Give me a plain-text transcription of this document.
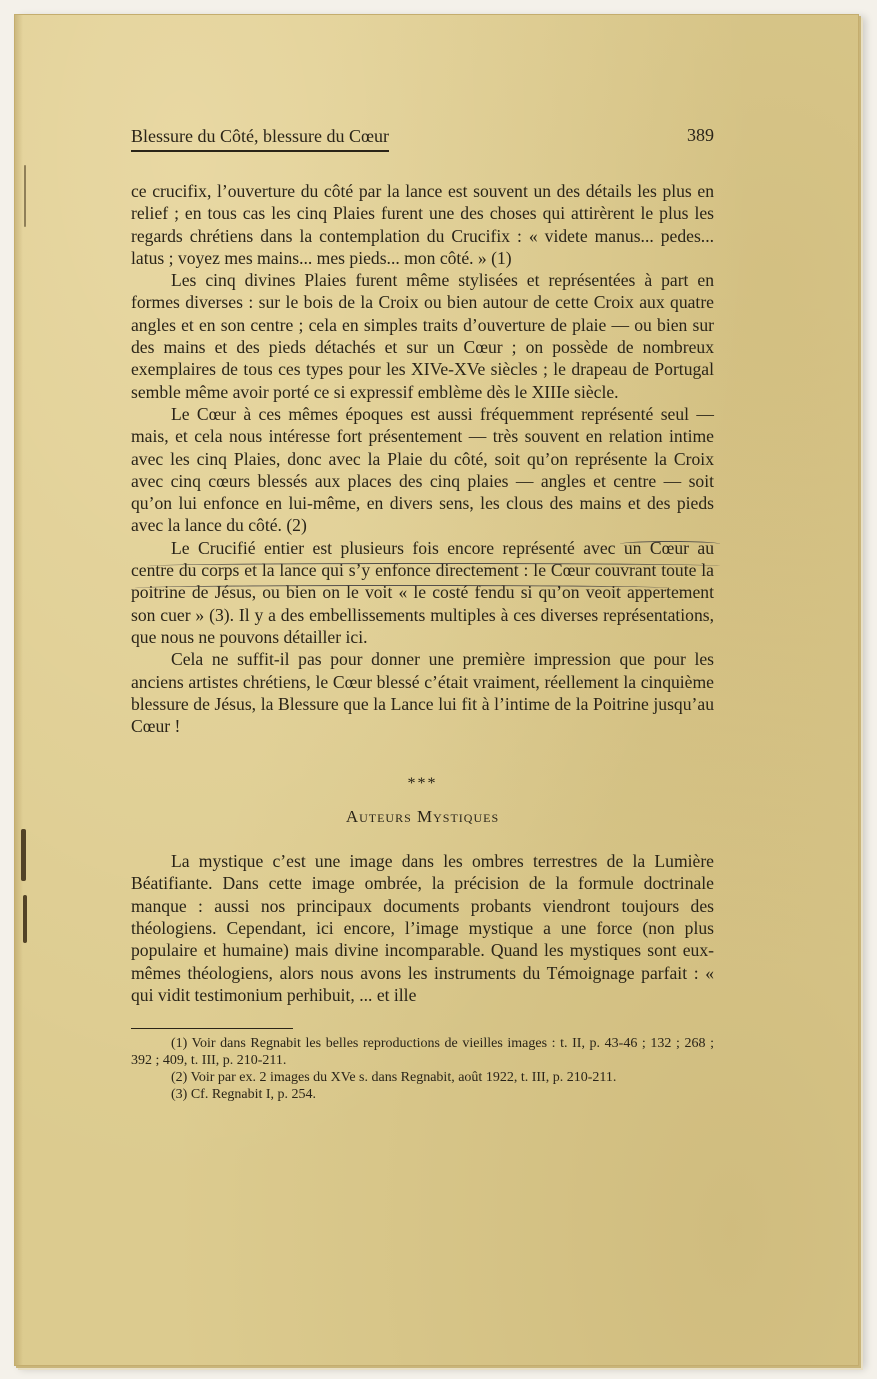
Blessure du Côté, blessure du Cœur	389

ce crucifix, l’ouverture du côté par la lance est souvent un des détails les plus en relief ; en tous cas les cinq Plaies furent une des choses qui attirèrent le plus les regards chrétiens dans la contemplation du Crucifix : « videte manus... pedes... latus ; voyez mes mains... mes pieds... mon côté. » (1)

Les cinq divines Plaies furent même stylisées et représentées à part en formes diverses : sur le bois de la Croix ou bien autour de cette Croix aux quatre angles et en son centre ; cela en simples traits d’ouverture de plaie — ou bien sur des mains et des pieds détachés et sur un Cœur ; on possède de nombreux exemplaires de tous ces types pour les XIVe-XVe siècles ; le drapeau de Portugal semble même avoir porté ce si expressif emblème dès le XIIIe siècle.

Le Cœur à ces mêmes époques est aussi fréquemment représenté seul — mais, et cela nous intéresse fort présentement — très souvent en relation intime avec les cinq Plaies, donc avec la Plaie du côté, soit qu’on représente la Croix avec cinq cœurs blessés aux places des cinq plaies — angles et centre — soit qu’on lui enfonce en lui-même, en divers sens, les clous des mains et des pieds avec la lance du côté. (2)

Le Crucifié entier est plusieurs fois encore représenté avec un Cœur au centre du corps et la lance qui s’y enfonce directement : le Cœur couvrant toute la poitrine de Jésus, ou bien on le voit « le costé fendu si qu’on veoit appertement son cuer » (3). Il y a des embellissements multiples à ces diverses représentations, que nous ne pouvons détailler ici.

Cela ne suffit-il pas pour donner une première impression que pour les anciens artistes chrétiens, le Cœur blessé c’était vraiment, réellement la cinquième blessure de Jésus, la Blessure que la Lance lui fit à l’intime de la Poitrine jusqu’au Cœur !

***
Auteurs Mystiques

La mystique c’est une image dans les ombres terrestres de la Lumière Béatifiante. Dans cette image ombrée, la précision de la formule doctrinale manque : aussi nos principaux documents probants viendront toujours des théologiens. Cependant, ici encore, l’image mystique a une force (non plus populaire et humaine) mais divine incomparable. Quand les mystiques sont eux-mêmes théologiens, alors nous avons les instruments du Témoignage parfait : « qui vidit testimonium perhibuit, ... et ille

(1) Voir dans Regnabit les belles reproductions de vieilles images : t. II, p. 43-46 ; 132 ; 268 ; 392 ; 409, t. III, p. 210-211.

(2) Voir par ex. 2 images du XVe s. dans Regnabit, août 1922, t. III, p. 210-211.

(3) Cf. Regnabit I, p. 254.
